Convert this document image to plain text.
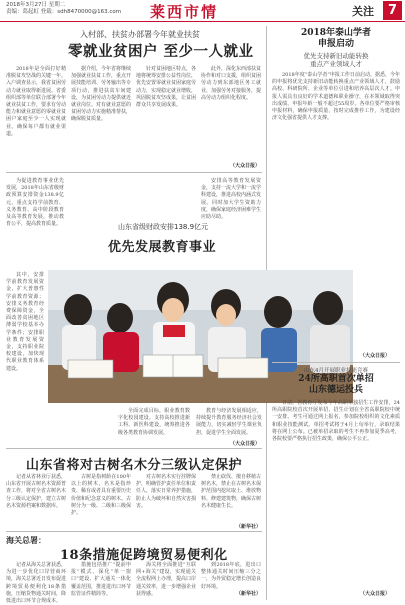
2018年3月27日 星期二
责编：葛起虹 登载：sdh8470000@163.com 莱西市情	关注	7
入村部、扶贫办部署今年就业扶贫
零就业贫困户 至少一人就业

2018年是全面打好精准脱贫攻坚战的关键一年。入户调查显示，我省贫困劳动力就业取得新进展。省委组织部等单位联合部署今年就业扶贫工作，要求有劳动能力和就业意愿的零就业贫困户家庭至少一人实现就业。确保每户都有就业渠道。

据介绍，今年省将继续加强就业扶贫工作，重点开展技能培训、劳务输出等专项行动，推进扶贫车间建设，为贫困劳动力提供就近就业岗位。对有就业意愿的贫困劳动力实施精准帮扶，确保脱贫质量。

针对贫困地区特点，各地将统筹安排公益性岗位，优先安置零就业贫困家庭劳动力，实现稳定就业增收，巩固脱贫攻坚成果，让贫困群众共享发展成果。

此外，深化东西部扶贫协作和对口支援，组织贫困劳动力到东部地区务工就业，加强劳务对接服务，提高劳动力组织化程度。

（大众日报）

为促进教育事业优先发展，2018年山东省级财政预算安排资金138.9亿元，重点支持学前教育、义务教育、高中阶段教育及高等教育发展，推动教育公平，提高教育质量。

其中，安排学前教育发展资金，扩大普惠性学前教育资源；安排义务教育经费保障资金，全面改善贫困地区薄弱学校基本办学条件；安排职业教育发展资金，支持职业院校建设，加快现代职业教育体系建设。

山东省级财政安排138.9亿元
优先发展教育事业

安排高等教育发展资金，支持一流大学和一流学科建设，推进高校内涵式发展。同时加大学生资助力度，确保家庭经济困难学生应助尽助。

全面完成目标，职业教育数字化校园建设。支持高校推进新工科、新医科建设，统筹推进各级各类教育协调发展。

教育与经济发展相适应，持续提升教育服务经济社会发展能力，切实减轻学生课业负担，促进学生全面发展。

（大众日报）
山东省将对古树名木分三级认定保护

记者从省林业厅获悉，山东省开展古树名木资源普查工作，将对全省古树名木分三级认定保护，建立古树名木资源档案和数据库。

古树是指树龄在100年以上的树木，名木是指珍贵、稀有或者具有重要历史价值和纪念意义的树木。古树分为一级、二级和三级保护。

对古树名木实行挂牌保护，明确管护责任单位和责任人，落实日常养护措施，防止人为破坏和自然灾害损害。

禁止砍伐、擅自移植古树名木，禁止在古树名木保护范围内挖坑取土、堆放物料、修建建筑物，确保古树名木健康生长。

（新华社）
海关总署：
18条措施促跨境贸易便利化

记者从海关总署获悉，为进一步优化口岸营商环境，海关总署近日发布促进跨境贸易便利化18条措施，压缩货物通关时间，降低进出口环节合规成本。

措施包括推广“提前申报”模式、深化“单一窗口”建设、扩大通关一体化覆盖范围，推进进出口环节监管证件精简等。

海关将全面推进“互联网+海关”建设，实现通关全流程网上办理，提高口岸通关效率，进一步增强企业获得感。

到2018年底，进出口整体通关时间压缩三分之一，为外贸稳定增长创造良好环境。

（新华社）
2018年泰山学者
申报启动
优先支持新旧动能转换
重点产业领域人才

2018年度“泰山学者”申报工作日前启动。据悉，今年的申报将优先支持新旧动能转换重点产业领域人才，鼓励高校、科研院所、企业等单位引进和培养高层次人才。申报人需具有良好的学术道德和职业操守，在本领域取得突出成绩，申报年龄一般不超过55周岁。各单位要严格审核申报材料，确保申报质量，按时完成推荐工作，为建设经济文化强省提供人才支撑。

（大众日报）
山东4月开展职业技能竞赛
24所高职首次单招
山东德运投兵

日前，省教育厅发布今年高职单独招生工作安排，24所高职院校首次开展单招，招生计划在全省高职院校中统一安排。考生可通过网上报名，参加院校组织的文化素质和职业技能测试。单招考试将于4月上旬举行，录取结果将在网上公布。已被单招录取的考生不再参加夏季高考，各院校要严格执行招生政策，确保公平公正。

（大众日报）
